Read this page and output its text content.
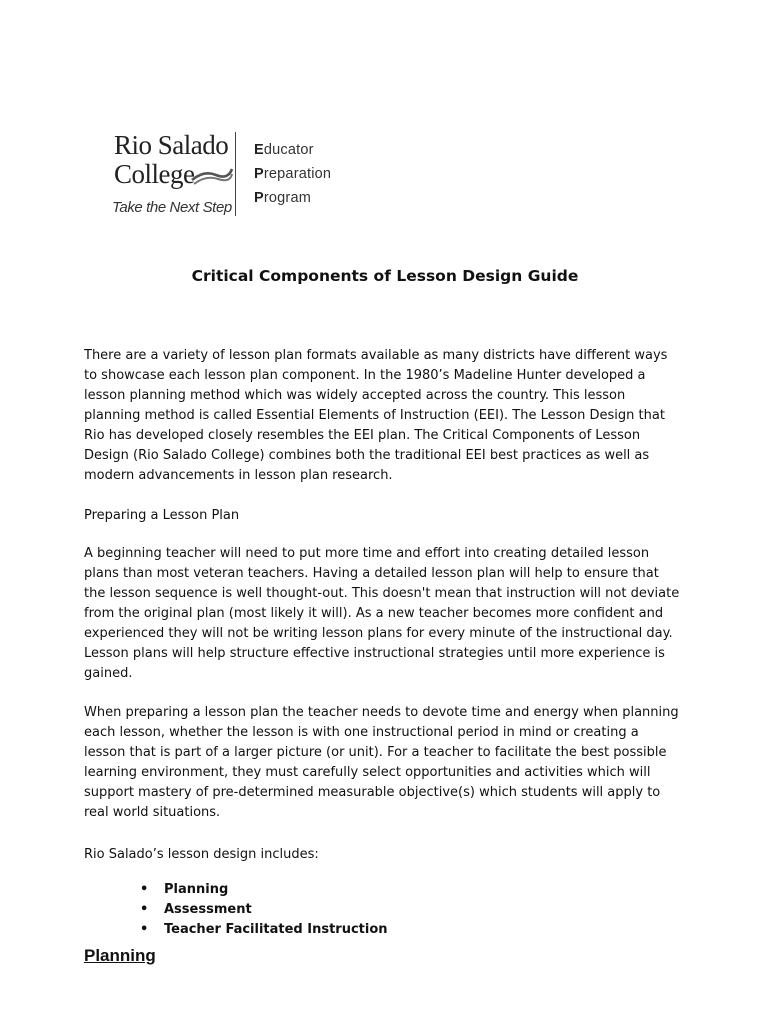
Rio Salado
College
Take the Next Step
Educator
Preparation
Program
Critical Components of Lesson Design Guide

There are a variety of lesson plan formats available as many districts have different ways to showcase each lesson plan component. In the 1980’s Madeline Hunter developed a lesson planning method which was widely accepted across the country. This lesson planning method is called Essential Elements of Instruction (EEI). The Lesson Design that Rio has developed closely resembles the EEI plan. The Critical Components of Lesson Design (Rio Salado College) combines both the traditional EEI best practices as well as modern advancements in lesson plan research.

Preparing a Lesson Plan

A beginning teacher will need to put more time and effort into creating detailed lesson plans than most veteran teachers. Having a detailed lesson plan will help to ensure that the lesson sequence is well thought-out. This doesn't mean that instruction will not deviate from the original plan (most likely it will). As a new teacher becomes more confident and experienced they will not be writing lesson plans for every minute of the instructional day. Lesson plans will help structure effective instructional strategies until more experience is gained.

When preparing a lesson plan the teacher needs to devote time and energy when planning each lesson, whether the lesson is with one instructional period in mind or creating a lesson that is part of a larger picture (or unit). For a teacher to facilitate the best possible learning environment, they must carefully select opportunities and activities which will support mastery of pre-determined measurable objective(s) which students will apply to real world situations.

Rio Salado’s lesson design includes:

• Planning
• Assessment
• Teacher Facilitated Instruction
Planning
